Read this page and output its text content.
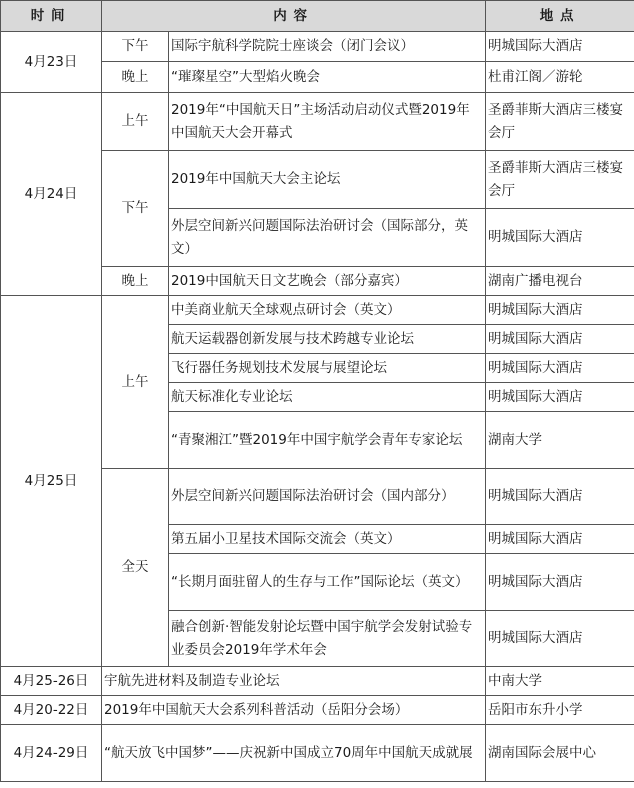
时间	内容		地点
4月23日	下午	国际宇航科学院院士座谈会（闭门会议）	明城国际大酒店
	晚上	“璀璨星空”大型焰火晚会	杜甫江阁／游轮
4月24日	上午	2019年“中国航天日”主场活动启动仪式暨2019年中国航天大会开幕式	圣爵菲斯大酒店三楼宴会厅
	下午	2019年中国航天大会主论坛	圣爵菲斯大酒店三楼宴会厅
		外层空间新兴问题国际法治研讨会（国际部分，英文）	明城国际大酒店
	晚上	2019中国航天日文艺晚会（部分嘉宾）	湖南广播电视台
4月25日	上午	中美商业航天全球观点研讨会（英文）	明城国际大酒店
		航天运载器创新发展与技术跨越专业论坛	明城国际大酒店
		飞行器任务规划技术发展与展望论坛	明城国际大酒店
		航天标准化专业论坛	明城国际大酒店
		“青聚湘江”暨2019年中国宇航学会青年专家论坛	湖南大学
	全天	外层空间新兴问题国际法治研讨会（国内部分）	明城国际大酒店
		第五届小卫星技术国际交流会（英文）	明城国际大酒店
		“长期月面驻留人的生存与工作”国际论坛（英文）	明城国际大酒店
		融合创新·智能发射论坛暨中国宇航学会发射试验专业委员会2019年学术年会	明城国际大酒店
4月25-26日	宇航先进材料及制造专业论坛		中南大学
4月20-22日	2019年中国航天大会系列科普活动（岳阳分会场）		岳阳市东升小学
4月24-29日	“航天放飞中国梦”——庆祝新中国成立70周年中国航天成就展		湖南国际会展中心
